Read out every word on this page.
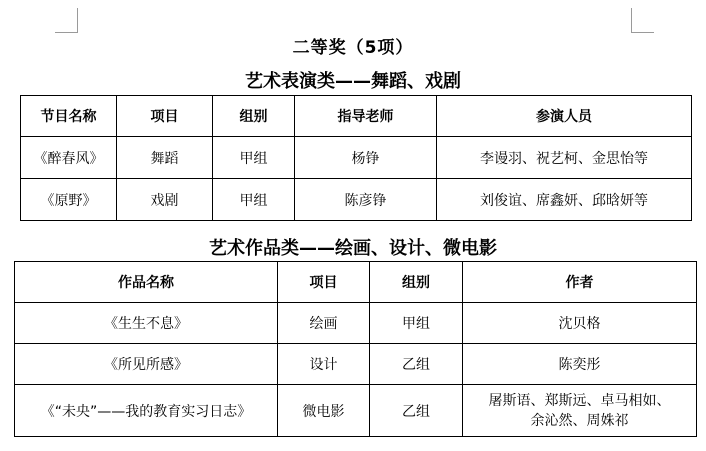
二等奖（5项）
艺术表演类——舞蹈、戏剧
节目名称	项目	组别	指导老师	参演人员
《醉春风》	舞蹈	甲组	杨铮	李谩羽、祝艺柯、金思怡等
《原野》	戏剧	甲组	陈彦铮	刘俊谊、席鑫妍、邱晗妍等
艺术作品类——绘画、设计、微电影
作品名称	项目	组别	作者
《生生不息》	绘画	甲组	沈贝格
《所见所感》	设计	乙组	陈奕彤
《“未央”——我的教育实习日志》	微电影	乙组	屠斯语、郑斯远、卓马相如、
余沁然、周姝祁
